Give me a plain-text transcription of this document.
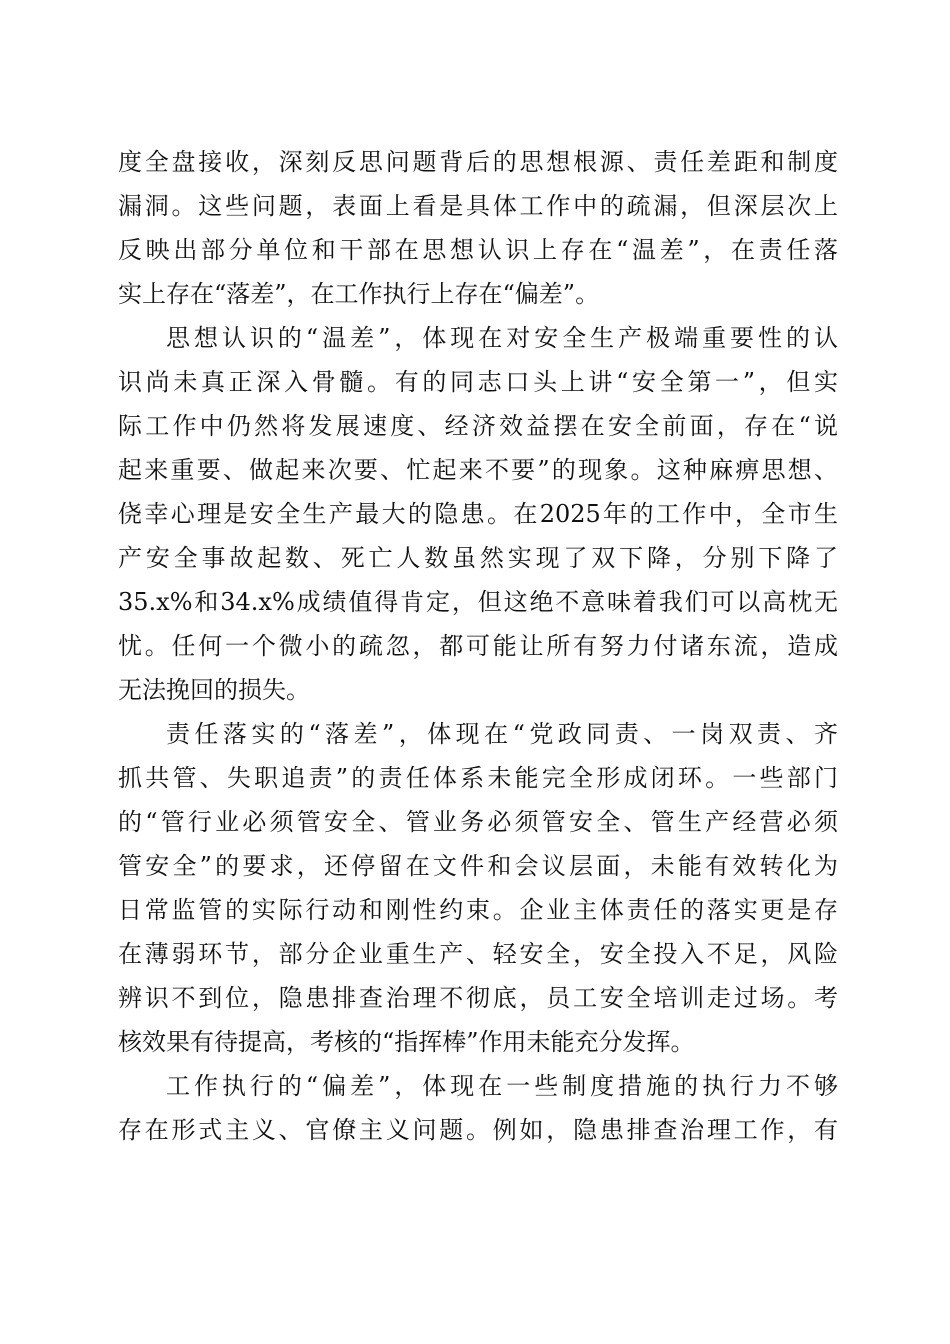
度全盘接收，深刻反思问题背后的思想根源、责任差距和制度
漏洞。这些问题，表面上看是具体工作中的疏漏，但深层次上
反映出部分单位和干部在思想认识上存在“温差”，在责任落
实上存在“落差”，在工作执行上存在“偏差”。
思想认识的“温差”，体现在对安全生产极端重要性的认
识尚未真正深入骨髓。有的同志口头上讲“安全第一”，但实
际工作中仍然将发展速度、经济效益摆在安全前面，存在“说
起来重要、做起来次要、忙起来不要”的现象。这种麻痹思想、
侥幸心理是安全生产最大的隐患。在2025年的工作中，全市生
产安全事故起数、死亡人数虽然实现了双下降，分别下降了
35.x%和34.x%成绩值得肯定，但这绝不意味着我们可以高枕无
忧。任何一个微小的疏忽，都可能让所有努力付诸东流，造成
无法挽回的损失。
责任落实的“落差”，体现在“党政同责、一岗双责、齐
抓共管、失职追责”的责任体系未能完全形成闭环。一些部门
的“管行业必须管安全、管业务必须管安全、管生产经营必须
管安全”的要求，还停留在文件和会议层面，未能有效转化为
日常监管的实际行动和刚性约束。企业主体责任的落实更是存
在薄弱环节，部分企业重生产、轻安全，安全投入不足，风险
辨识不到位，隐患排查治理不彻底，员工安全培训走过场。考
核效果有待提高，考核的“指挥棒”作用未能充分发挥。
工作执行的“偏差”，体现在一些制度措施的执行力不够
存在形式主义、官僚主义问题。例如，隐患排查治理工作，有
